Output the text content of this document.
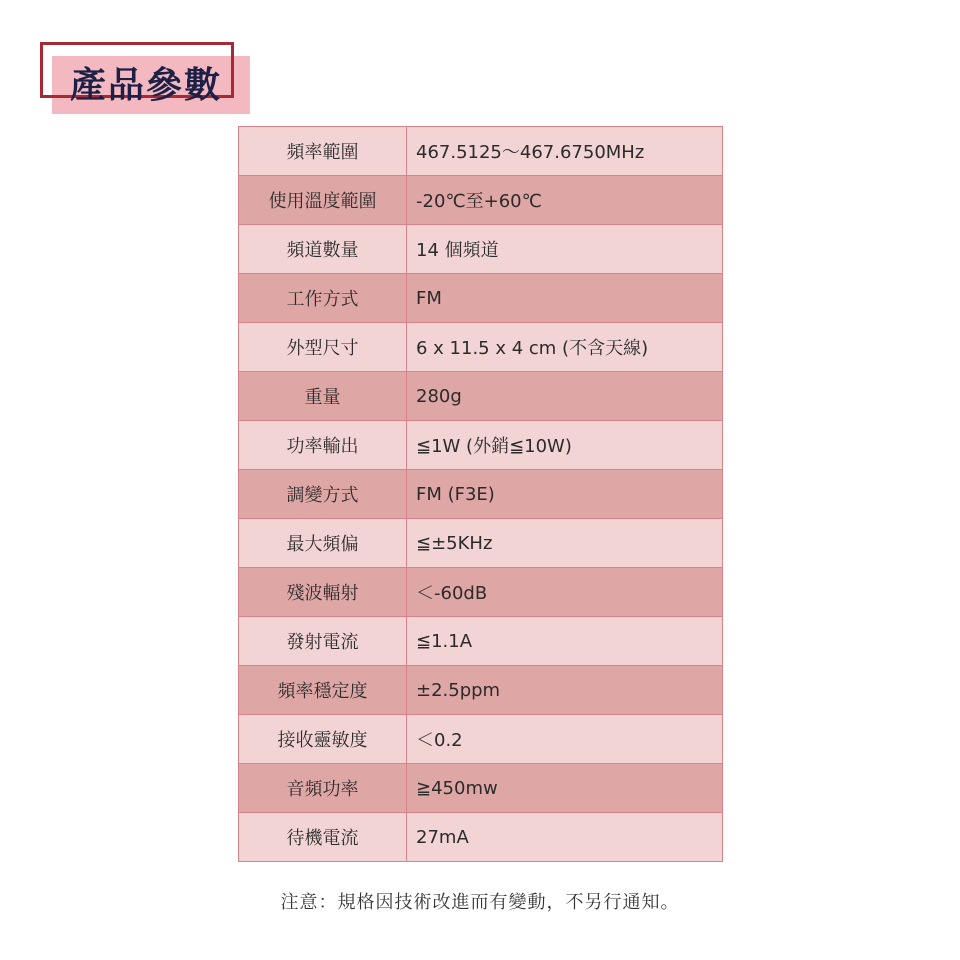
產品參數
頻率範圍	467.5125～467.6750MHz
使用溫度範圍	-20℃至+60℃
頻道數量	14 個頻道
工作方式	FM
外型尺寸	6 x 11.5 x 4 cm (不含天線)
重量	280g
功率輸出	≦1W (外銷≦10W)
調變方式	FM (F3E)
最大頻偏	≦±5KHz
殘波輻射	＜-60dB
發射電流	≦1.1A
頻率穩定度	±2.5ppm
接收靈敏度	＜0.2
音頻功率	≧450mw
待機電流	27mA
注意：規格因技術改進而有變動，不另行通知。
